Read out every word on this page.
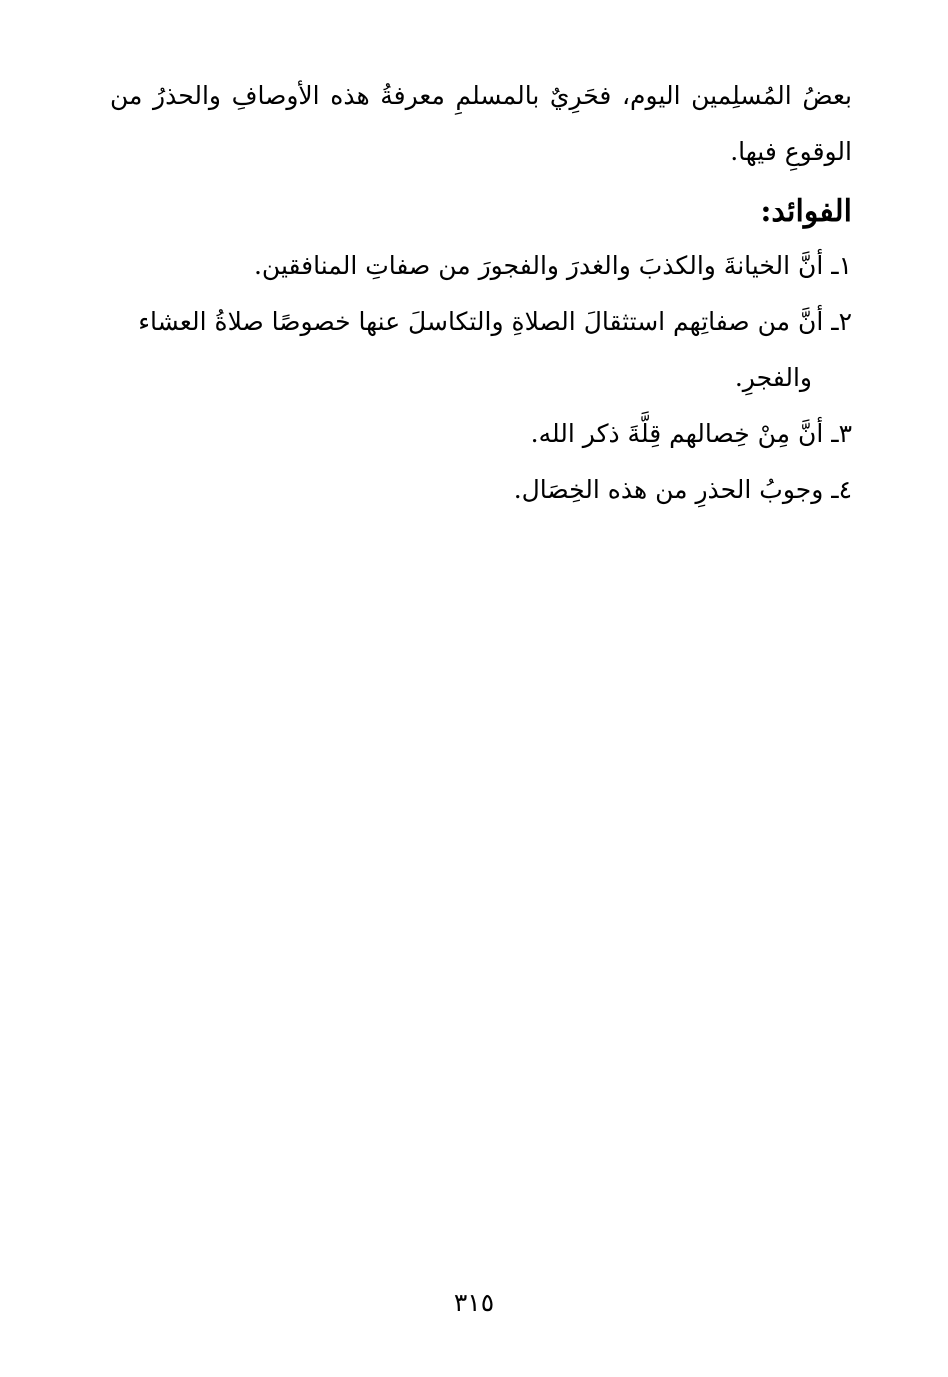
بعضُ المُسلِمين اليوم، فحَرِيٌ بالمسلمِ معرفةُ هذه الأوصافِ والحذرُ من الوقوعِ فيها.

الفوائد:
١ـ أنَّ الخيانةَ والكذبَ والغدرَ والفجورَ من صفاتِ المنافقين.
٢ـ أنَّ من صفاتِهم استثقالَ الصلاةِ والتكاسلَ عنها خصوصًا صلاةُ العشاء والفجرِ.
٣ـ أنَّ مِنْ خِصالهم قِلَّةَ ذكر الله.
٤ـ وجوبُ الحذرِ من هذه الخِصَال.
٣١٥
